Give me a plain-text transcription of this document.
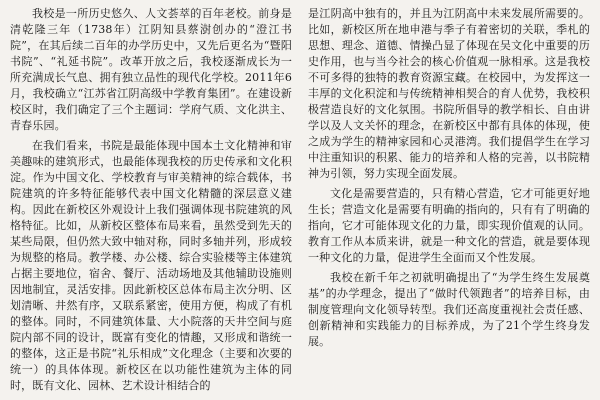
我校是一所历史悠久、人文荟萃的百年老校。前身是清乾隆三年（1738年）江阴知县蔡澍创办的“澄江书院”，在其后续二百年的办学历史中，又先后更名为“暨阳书院”、“礼延书院”。改革开放之后，我校逐渐成长为一所充满成长气息、拥有独立品性的现代化学校。2011年6月，我校确立“江苏省江阴高级中学教育集团”。在建设新校区时，我们确定了三个主题词：学府气质、文化洪主、青春乐园。

在我们看来，书院是最能体现中国本土文化精神和审美趣味的建筑形式，也最能体现我校的历史传承和文化积淀。作为中国文化、学校教育与审美精神的综合载体，书院建筑的许多特征能够代表中国文化精髓的深层意义建构。因此在新校区外观设计上我们强调体现书院建筑的风格特征。比如，从新校区整体布局来看，虽然受到先天的某些局限，但仍然大致中轴对称，同时多轴并列，形成较为规整的格局。教学楼、办公楼、综合实验楼等主体建筑占据主要地位，宿舍、餐厅、活动场地及其他辅助设施则因地制宜，灵活安排。因此新校区总体布局主次分明、区划清晰、井然有序，又联系紧密，使用方便，构成了有机的整体。同时，不同建筑体量、大小院落的天井空间与庭院内部不同的设计，既富有变化的情趣，又形成和谐统一的整体，这正是书院“礼乐相成”文化理念（主要和次要的统一）的具体体现。新校区在以功能性建筑为主体的同时，既有文化、园林、艺术设计相结合的

是江阴高中独有的，并且为江阴高中未来发展所需要的。比如，新校区所在地申港与季子有着密切的关联，季札的思想、理念、道德、情操凸显了体现在吴文化中重要的历史作用，也与当今社会的核心价值观一脉相承。这是我校不可多得的独特的教育资源宝藏。在校园中，为发挥这一丰厚的文化积淀和与传统精神相契合的育人优势，我校积极营造良好的文化氛围。书院所倡导的教学相长、自由讲学以及人文关怀的理念，在新校区中都有具体的体现，使之成为学生的精神家园和心灵港湾。我们提倡学生在学习中注重知识的积累、能力的培养和人格的完善，以书院精神为引领，努力实现全面发展。

文化是需要营造的，只有精心营造，它才可能更好地生长；营造文化是需要有明确的指向的，只有有了明确的指向，它才可能体现文化的力量，即实现价值观的认同。教育工作从本质来讲，就是一种文化的营造，就是要体现一种文化的力量，促进学生全面而又个性发展。

我校在新千年之初就明确提出了“为学生终生发展奠基”的办学理念，提出了“做时代领跑者”的培养目标，由制度管理向文化领导转型。我们还高度重视社会责任感、创新精神和实践能力的目标养成，为了21个学生终身发展。
